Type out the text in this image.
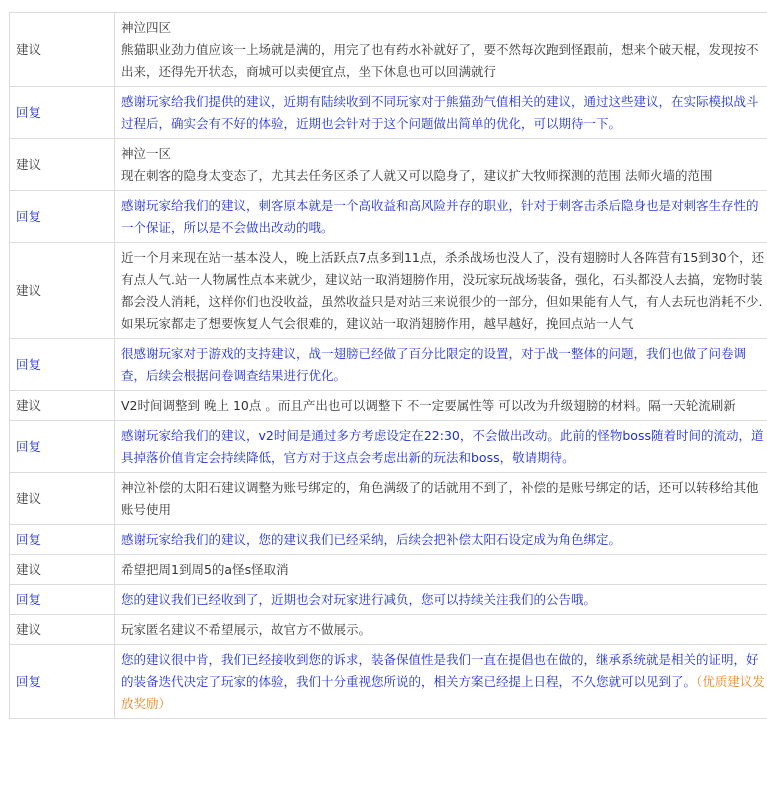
建议	神泣四区
熊猫职业劲力值应该一上场就是满的，用完了也有药水补就好了，要不然每次跑到怪跟前，想来个破天棍，发现按不出来，还得先开状态，商城可以卖便宜点，坐下休息也可以回满就行

回复	感谢玩家给我们提供的建议，近期有陆续收到不同玩家对于熊猫劲气值相关的建议，通过这些建议，在实际模拟战斗过程后，确实会有不好的体验，近期也会针对于这个问题做出简单的优化，可以期待一下。

建议	神泣一区
现在刺客的隐身太变态了，尤其去任务区杀了人就又可以隐身了，建议扩大牧师探测的范围 法师火墙的范围

回复	感谢玩家给我们的建议，刺客原本就是一个高收益和高风险并存的职业，针对于刺客击杀后隐身也是对刺客生存性的一个保证，所以是不会做出改动的哦。

建议	近一个月来现在站一基本没人，晚上活跃点7点多到11点，杀杀战场也没人了，没有翅膀时人各阵营有15到30个，还有点人气.站一人物属性点本来就少，建议站一取消翅膀作用，没玩家玩战场装备，强化，石头都没人去搞，宠物时装都会没人消耗，这样你们也没收益，虽然收益只是对站三来说很少的一部分，但如果能有人气，有人去玩也消耗不少.如果玩家都走了想要恢复人气会很难的，建议站一取消翅膀作用，越早越好，挽回点站一人气

回复	很感谢玩家对于游戏的支持建议，战一翅膀已经做了百分比限定的设置，对于战一整体的问题，我们也做了问卷调查，后续会根据问卷调查结果进行优化。

建议	V2时间调整到 晚上 10点 。而且产出也可以调整下 不一定要属性等 可以改为升级翅膀的材料。隔一天轮流刷新

回复	感谢玩家给我们的建议，v2时间是通过多方考虑设定在22:30，不会做出改动。此前的怪物boss随着时间的流动，道具掉落价值肯定会持续降低，官方对于这点会考虑出新的玩法和boss，敬请期待。

建议	神泣补偿的太阳石建议调整为账号绑定的，角色满级了的话就用不到了，补偿的是账号绑定的话，还可以转移给其他账号使用

回复	感谢玩家给我们的建议，您的建议我们已经采纳，后续会把补偿太阳石设定成为角色绑定。

建议	希望把周1到周5的a怪s怪取消

回复	您的建议我们已经收到了，近期也会对玩家进行减负，您可以持续关注我们的公告哦。

建议	玩家匿名建议不希望展示，故官方不做展示。

回复	您的建议很中肯，我们已经接收到您的诉求，装备保值性是我们一直在提倡也在做的，继承系统就是相关的证明，好的装备迭代决定了玩家的体验，我们十分重视您所说的，相关方案已经提上日程，不久您就可以见到了。（优质建议发放奖励）
